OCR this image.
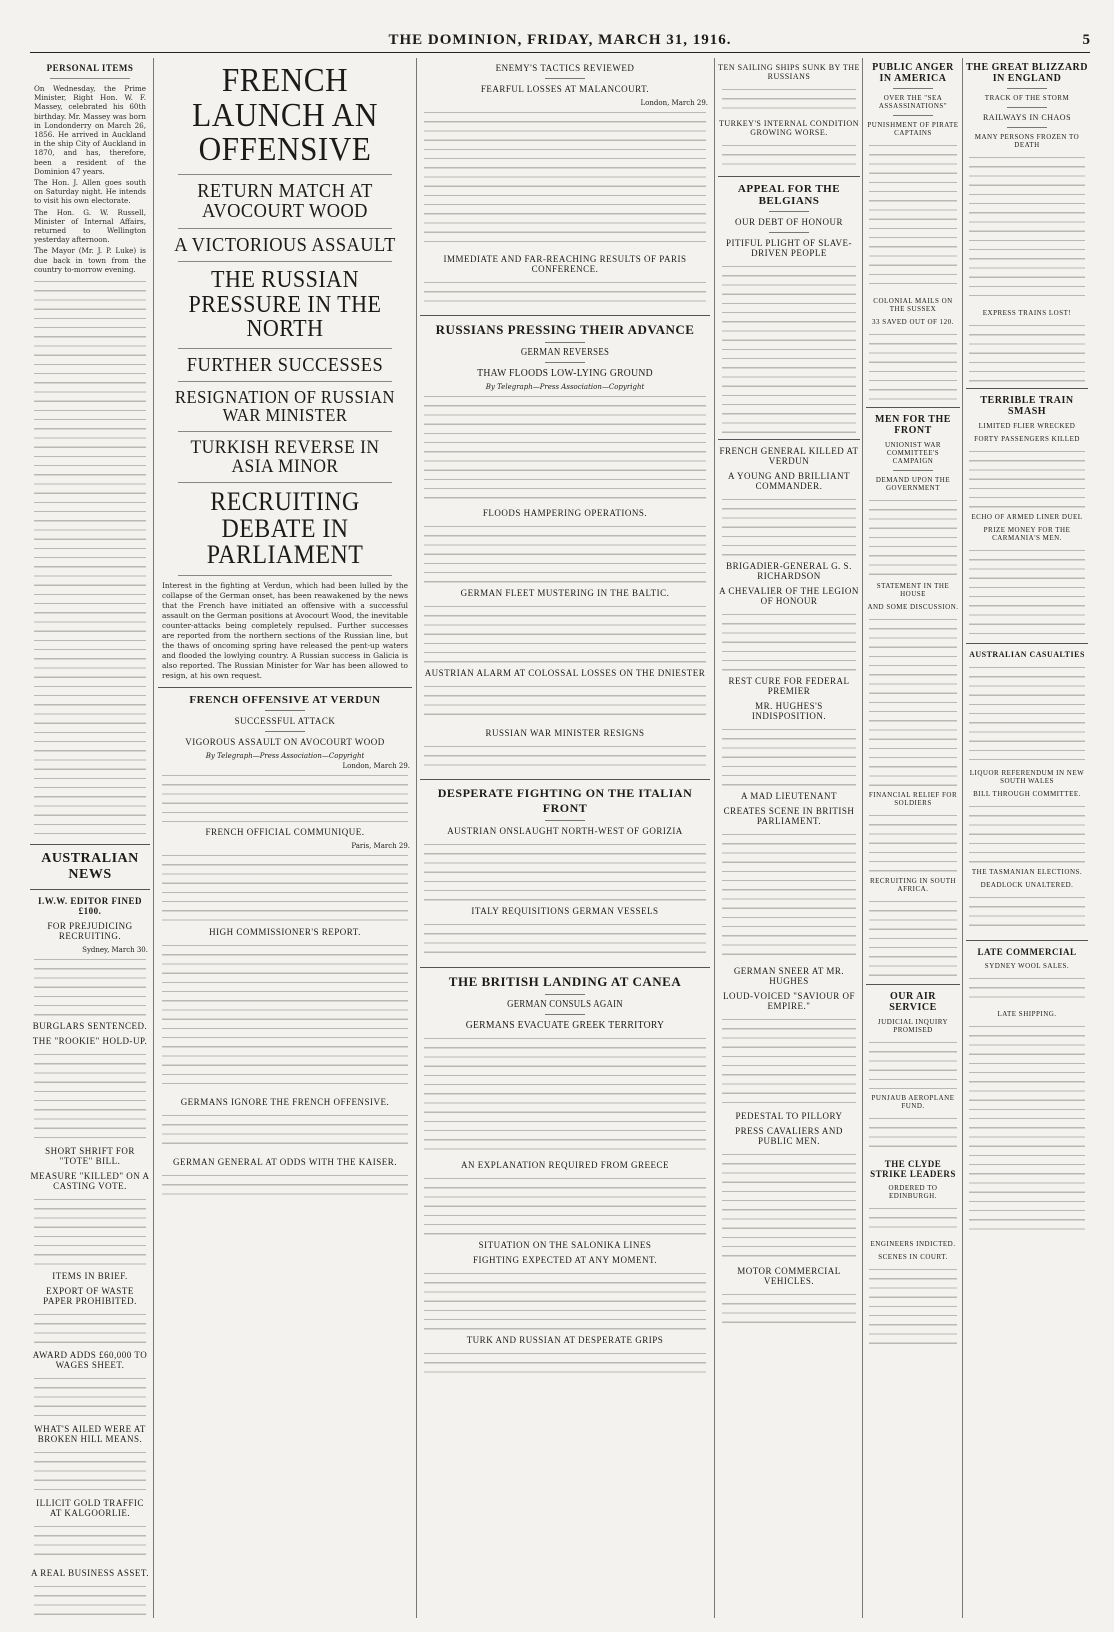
THE DOMINION, FRIDAY, MARCH 31, 1916.	5
PERSONAL ITEMS
On Wednesday, the Prime Minister, Right Hon. W. F. Massey, celebrated his 60th birthday. Mr. Massey was born in Londonderry on March 26, 1856. He arrived in Auckland in the ship City of Auckland in 1870, and has, therefore, been a resident of the Dominion 47 years.
The Hon. J. Allen goes south on Saturday night. He intends to visit his own electorate.
The Hon. G. W. Russell, Minister of Internal Affairs, returned to Wellington yesterday afternoon.
The Mayor (Mr. J. P. Luke) is due back in town from the country to-morrow evening.
AUSTRALIAN NEWS
I.W.W. EDITOR FINED £100.
FOR PREJUDICING RECRUITING.
Sydney, March 30.
BURGLARS SENTENCED.
THE "ROOKIE" HOLD-UP.
SHORT SHRIFT FOR "TOTE" BILL.
MEASURE "KILLED" ON A CASTING VOTE.
ITEMS IN BRIEF.
EXPORT OF WASTE PAPER PROHIBITED.
AWARD ADDS £60,000 TO WAGES SHEET.
WHAT'S AILED WERE AT BROKEN HILL MEANS.
ILLICIT GOLD TRAFFIC AT KALGOORLIE.
A REAL BUSINESS ASSET.
FRENCH LAUNCH AN OFFENSIVE
RETURN MATCH AT AVOCOURT WOOD
A VICTORIOUS ASSAULT
THE RUSSIAN PRESSURE IN THE NORTH
FURTHER SUCCESSES
RESIGNATION OF RUSSIAN WAR MINISTER
TURKISH REVERSE IN ASIA MINOR
RECRUITING DEBATE IN PARLIAMENT
Interest in the fighting at Verdun, which had been lulled by the collapse of the German onset, has been reawakened by the news that the French have initiated an offensive with a successful assault on the German positions at Avocourt Wood, the inevitable counter-attacks being completely repulsed. Further successes are reported from the northern sections of the Russian line, but the thaws of oncoming spring have released the pent-up waters and flooded the lowlying country. A Russian success in Galicia is also reported. The Russian Minister for War has been allowed to resign, at his own request.
FRENCH OFFENSIVE AT VERDUN
SUCCESSFUL ATTACK
VIGOROUS ASSAULT ON AVOCOURT WOOD
By Telegraph—Press Association—Copyright
London, March 29.
FRENCH OFFICIAL COMMUNIQUE.
Paris, March 29.
HIGH COMMISSIONER'S REPORT.
GERMANS IGNORE THE FRENCH OFFENSIVE.
GERMAN GENERAL AT ODDS WITH THE KAISER.
ENEMY'S TACTICS REVIEWED
FEARFUL LOSSES AT MALANCOURT.
London, March 29.
IMMEDIATE AND FAR-REACHING RESULTS OF PARIS CONFERENCE.
RUSSIANS PRESSING THEIR ADVANCE
GERMAN REVERSES
THAW FLOODS LOW-LYING GROUND
By Telegraph—Press Association—Copyright
FLOODS HAMPERING OPERATIONS.
GERMAN FLEET MUSTERING IN THE BALTIC.
AUSTRIAN ALARM AT COLOSSAL LOSSES ON THE DNIESTER
RUSSIAN WAR MINISTER RESIGNS
DESPERATE FIGHTING ON THE ITALIAN FRONT
AUSTRIAN ONSLAUGHT NORTH-WEST OF GORIZIA
ITALY REQUISITIONS GERMAN VESSELS
THE BRITISH LANDING AT CANEA
GERMAN CONSULS AGAIN
GERMANS EVACUATE GREEK TERRITORY
AN EXPLANATION REQUIRED FROM GREECE
SITUATION ON THE SALONIKA LINES
FIGHTING EXPECTED AT ANY MOMENT.
TURK AND RUSSIAN AT DESPERATE GRIPS
TEN SAILING SHIPS SUNK BY THE RUSSIANS
TURKEY'S INTERNAL CONDITION GROWING WORSE.
APPEAL FOR THE BELGIANS
OUR DEBT OF HONOUR
PITIFUL PLIGHT OF SLAVE-DRIVEN PEOPLE
FRENCH GENERAL KILLED AT VERDUN
A YOUNG AND BRILLIANT COMMANDER.
BRIGADIER-GENERAL G. S. RICHARDSON
A CHEVALIER OF THE LEGION OF HONOUR
REST CURE FOR FEDERAL PREMIER
MR. HUGHES'S INDISPOSITION.
A MAD LIEUTENANT
CREATES SCENE IN BRITISH PARLIAMENT.
GERMAN SNEER AT MR. HUGHES
LOUD-VOICED "SAVIOUR OF EMPIRE."
PEDESTAL TO PILLORY
PRESS CAVALIERS AND PUBLIC MEN.
MOTOR COMMERCIAL VEHICLES.
PUBLIC ANGER IN AMERICA
OVER THE "SEA ASSASSINATIONS"
PUNISHMENT OF PIRATE CAPTAINS
COLONIAL MAILS ON THE SUSSEX
33 SAVED OUT OF 120.
MEN FOR THE FRONT
UNIONIST WAR COMMITTEE'S CAMPAIGN
DEMAND UPON THE GOVERNMENT
STATEMENT IN THE HOUSE
AND SOME DISCUSSION.
FINANCIAL RELIEF FOR SOLDIERS
RECRUITING IN SOUTH AFRICA.
OUR AIR SERVICE
JUDICIAL INQUIRY PROMISED
PUNJAUB AEROPLANE FUND.
THE CLYDE STRIKE LEADERS
ORDERED TO EDINBURGH.
ENGINEERS INDICTED.
SCENES IN COURT.
THE GREAT BLIZZARD IN ENGLAND
TRACK OF THE STORM
RAILWAYS IN CHAOS
MANY PERSONS FROZEN TO DEATH
EXPRESS TRAINS LOST!
TERRIBLE TRAIN SMASH
LIMITED FLIER WRECKED
FORTY PASSENGERS KILLED
ECHO OF ARMED LINER DUEL
PRIZE MONEY FOR THE CARMANIA'S MEN.
AUSTRALIAN CASUALTIES
LIQUOR REFERENDUM IN NEW SOUTH WALES
BILL THROUGH COMMITTEE.
THE TASMANIAN ELECTIONS.
DEADLOCK UNALTERED.
LATE COMMERCIAL
SYDNEY WOOL SALES.
LATE SHIPPING.
